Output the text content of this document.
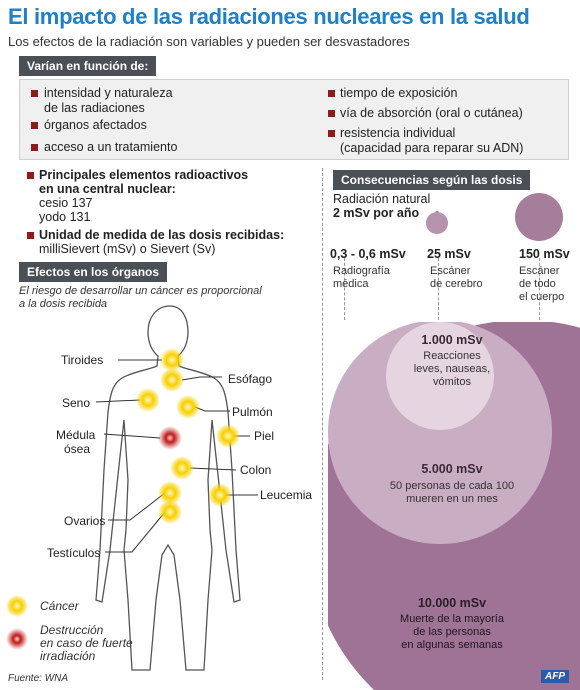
El impacto de las radiaciones nucleares en la salud
Los efectos de la radiación son variables y pueden ser desvastadores
Varían en función de:
intensidad y naturaleza
de las radiaciones
órganos afectados
acceso a un tratamiento
tiempo de exposición
vía de absorción (oral o cutánea)
resistencia individual
(capacidad para reparar su ADN)
Principales elementos radioactivos
en una central nuclear:
cesio 137
yodo 131
Unidad de medida de las dosis recibidas:
milliSievert (mSv) o Sievert (Sv)
Efectos en los órganos
El riesgo de desarrollar un cáncer es proporcional
a la dosis recibida
Tiroides
Esófago
Seno
Pulmón
Médula
ósea
Piel
Colon
Leucemia
Ovarios
Testículos
Cáncer
Destrucción
en caso de fuerte
irradiación
Fuente: WNA
Consecuencias según las dosis
Radiación natural
2 mSv por año
0,3 - 0,6 mSv
Radiografía
médica
25 mSv
Escáner
de cerebro
150 mSv
Escáner
de todo
el cuerpo
1.000 mSv
Reacciones
leves, nauseas,
vómitos
5.000 mSv
50 personas de cada 100
mueren en un mes
10.000 mSv
Muerte de la mayoría
de las personas
en algunas semanas
AFP
